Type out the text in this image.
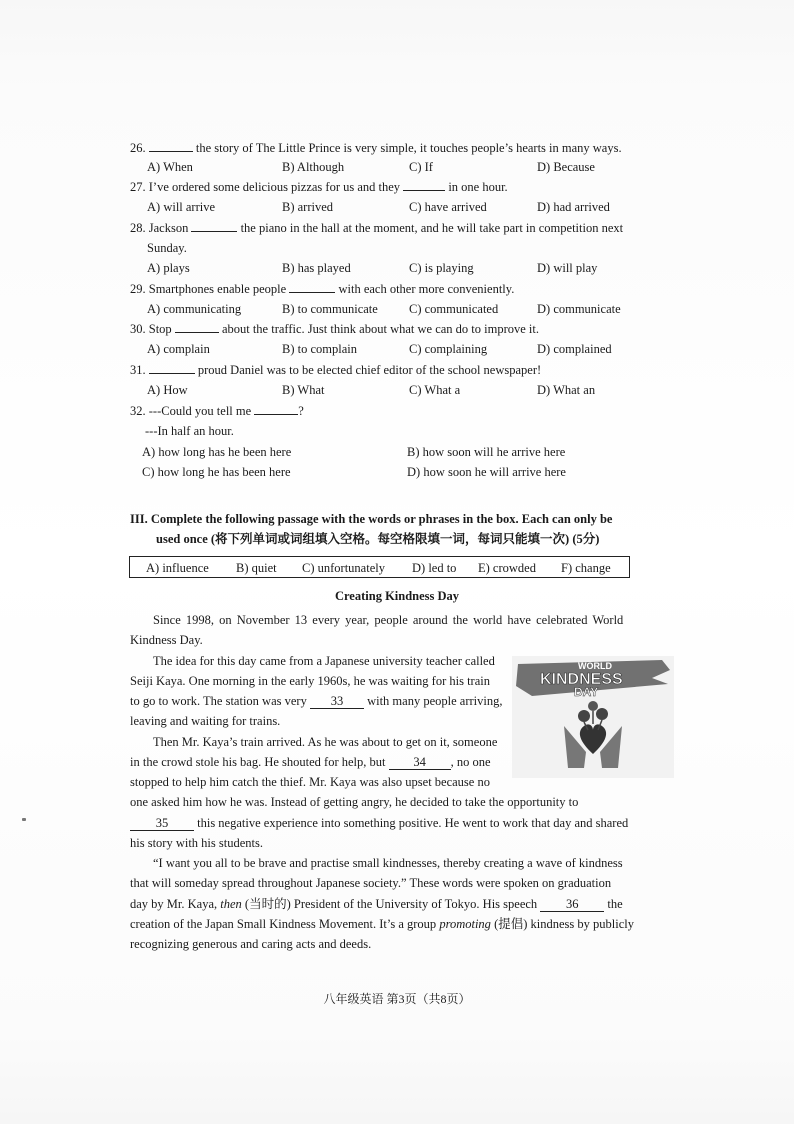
26.	the story of The Little Prince is very simple, it touches people’s hearts in many ways.
A) When	B) Although	C) If	D) Because
27. I’ve ordered some delicious pizzas for us and they	in one hour.
A) will arrive	B) arrived	C) have arrived	D) had arrived
28. Jackson	the piano in the hall at the moment, and he will take part in competition next
Sunday.
A) plays	B) has played	C) is playing	D) will play
29. Smartphones enable people	with each other more conveniently.
A) communicating	B) to communicate C) communicated	D) communicate
30. Stop	about the traffic. Just think about what we can do to improve it.
A) complain	B) to complain	C) complaining	D) complained
31.	proud Daniel was to be elected chief editor of the school newspaper!
A) How	B) What	C) What a	D) What an
32. ---Could you tell me	?
---In half an hour.
A) how long has he been here	B) how soon will he arrive here
C) how long he has been here	D) how soon he will arrive here
III. Complete the following passage with the words or phrases in the box. Each can only be
used once (将下列单词或词组填入空格。每空格限填一词，每词只能填一次) (5分)
A) influence B) quiet C) unfortunately D) led to E) crowded F) change
Creating Kindness Day
Since 1998, on November 13 every year, people around the world have celebrated World
Kindness Day.
The idea for this day came from a Japanese university teacher called
Seiji Kaya. One morning in the early 1960s, he was waiting for his train
to go to work. The station was very 33 with many people arriving,
leaving and waiting for trains.
Then Mr. Kaya’s train arrived. As he was about to get on it, someone
in the crowd stole his bag. He shouted for help, but 34 , no one
stopped to help him catch the thief. Mr. Kaya was also upset because no
one asked him how he was. Instead of getting angry, he decided to take the opportunity to
35 this negative experience into something positive. He went to work that day and shared
his story with his students.
“I want you all to be brave and practise small kindnesses, thereby creating a wave of kindness
that will someday spread throughout Japanese society.” These words were spoken on graduation
day by Mr. Kaya, then (当时的) President of the University of Tokyo. His speech 36 the
creation of the Japan Small Kindness Movement. It’s a group promoting (提倡) kindness by publicly
recognizing generous and caring acts and deeds.
WORLD
KINDNESS
DAY
八年级英语 第3页（共8页）
